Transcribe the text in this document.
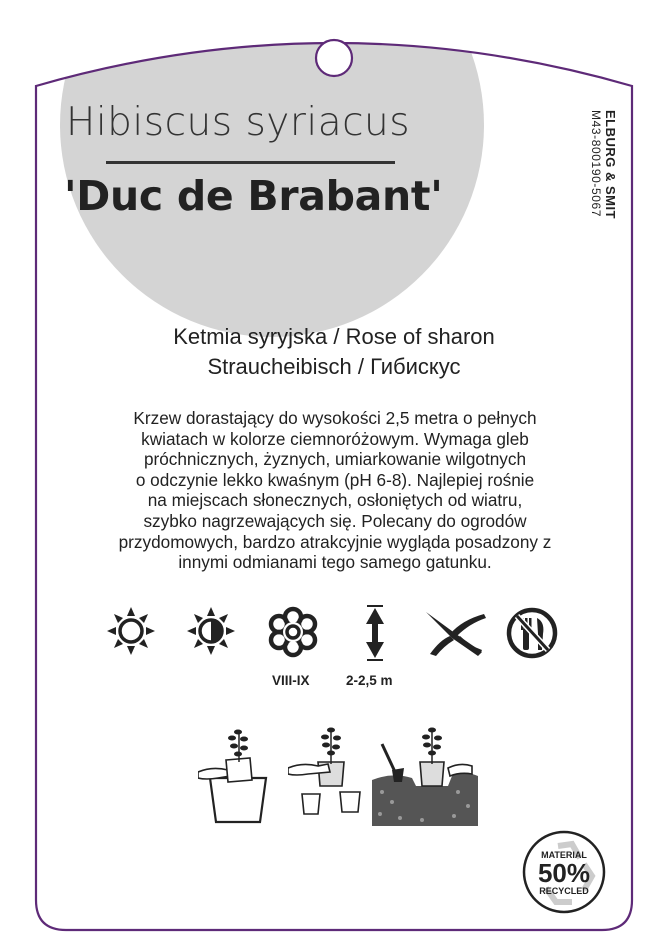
Hibiscus syriacus
'Duc de Brabant'	ELBURG & SMIT
M43-800190-5067
Ketmia syryjska / Rose of sharon
Straucheibisch / Гибискус
Krzew dorastający do wysokości 2,5 metra o pełnych
kwiatach w kolorze ciemnoróżowym. Wymaga gleb
próchnicznych, żyznych, umiarkowanie wilgotnych
o odczynie lekko kwaśnym (pH 6-8). Najlepiej rośnie
na miejscach słonecznych, osłoniętych od wiatru,
szybko nagrzewających się. Polecany do ogrodów
przydomowych, bardzo atrakcyjnie wygląda posadzony z
innymi odmianami tego samego gatunku.
VIII-IX	2-2,5 m
MATERIAL
50%
RECYCLED
